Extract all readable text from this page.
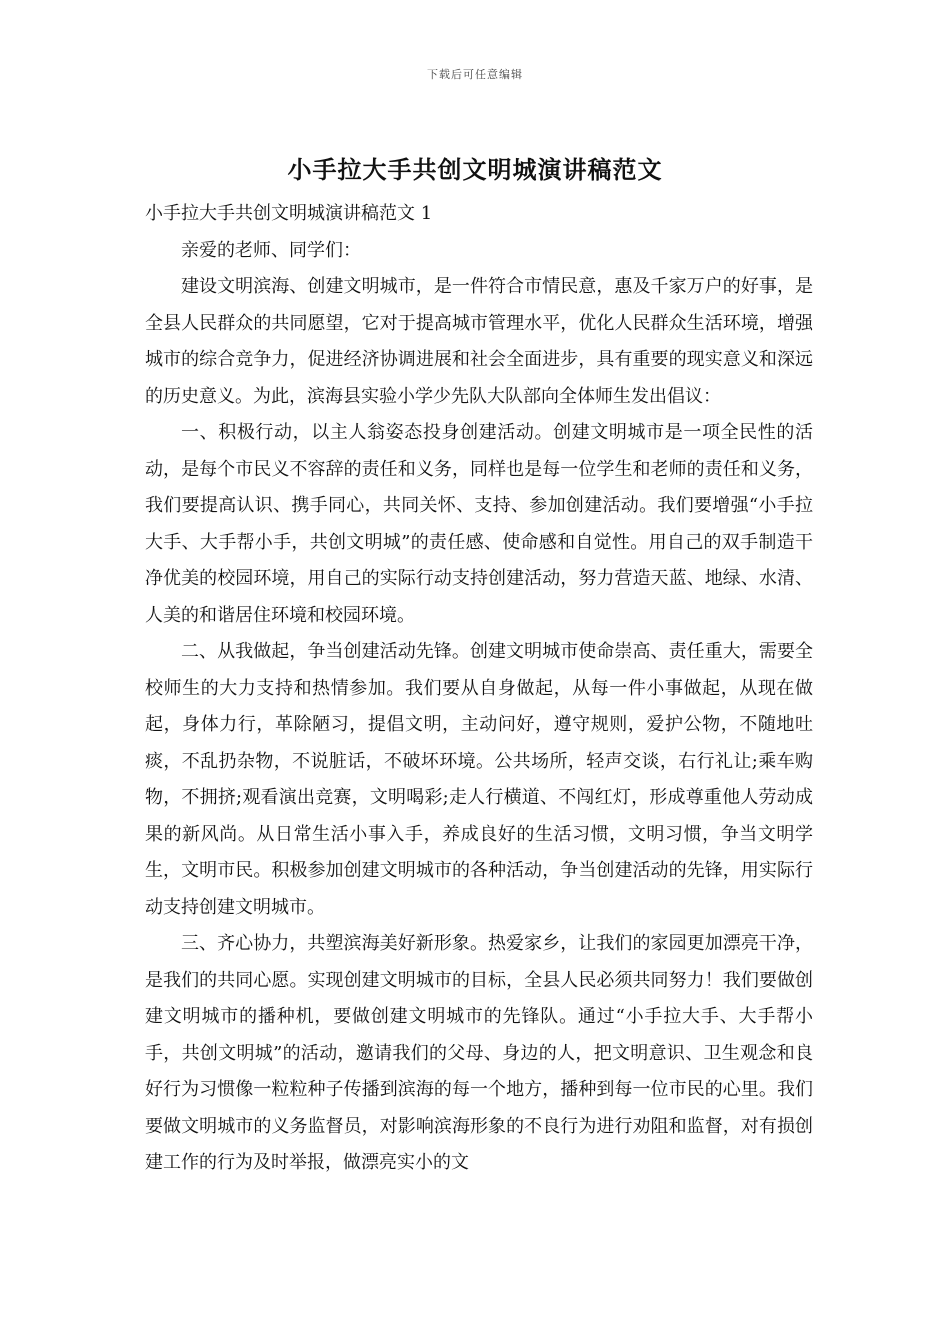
下载后可任意编辑
小手拉大手共创文明城演讲稿范文

小手拉大手共创文明城演讲稿范文 1

亲爱的老师、同学们：

建设文明滨海、创建文明城市，是一件符合市情民意，惠及千家万户的好事，是全县人民群众的共同愿望，它对于提高城市管理水平，优化人民群众生活环境，增强城市的综合竞争力，促进经济协调进展和社会全面进步，具有重要的现实意义和深远的历史意义。为此，滨海县实验小学少先队大队部向全体师生发出倡议：

一、积极行动，以主人翁姿态投身创建活动。创建文明城市是一项全民性的活动，是每个市民义不容辞的责任和义务，同样也是每一位学生和老师的责任和义务，我们要提高认识、携手同心，共同关怀、支持、参加创建活动。我们要增强“小手拉大手、大手帮小手，共创文明城”的责任感、使命感和自觉性。用自己的双手制造干净优美的校园环境，用自己的实际行动支持创建活动，努力营造天蓝、地绿、水清、人美的和谐居住环境和校园环境。

二、从我做起，争当创建活动先锋。创建文明城市使命崇高、责任重大，需要全校师生的大力支持和热情参加。我们要从自身做起，从每一件小事做起，从现在做起，身体力行，革除陋习，提倡文明，主动问好，遵守规则，爱护公物，不随地吐痰，不乱扔杂物，不说脏话，不破坏环境。公共场所，轻声交谈，右行礼让;乘车购物，不拥挤;观看演出竞赛，文明喝彩;走人行横道、不闯红灯，形成尊重他人劳动成果的新风尚。从日常生活小事入手，养成良好的生活习惯，文明习惯，争当文明学生，文明市民。积极参加创建文明城市的各种活动，争当创建活动的先锋，用实际行动支持创建文明城市。

三、齐心协力，共塑滨海美好新形象。热爱家乡，让我们的家园更加漂亮干净，是我们的共同心愿。实现创建文明城市的目标，全县人民必须共同努力！我们要做创建文明城市的播种机，要做创建文明城市的先锋队。通过“小手拉大手、大手帮小手，共创文明城”的活动，邀请我们的父母、身边的人，把文明意识、卫生观念和良好行为习惯像一粒粒种子传播到滨海的每一个地方，播种到每一位市民的心里。我们要做文明城市的义务监督员，对影响滨海形象的不良行为进行劝阻和监督，对有损创建工作的行为及时举报，做漂亮实小的文
